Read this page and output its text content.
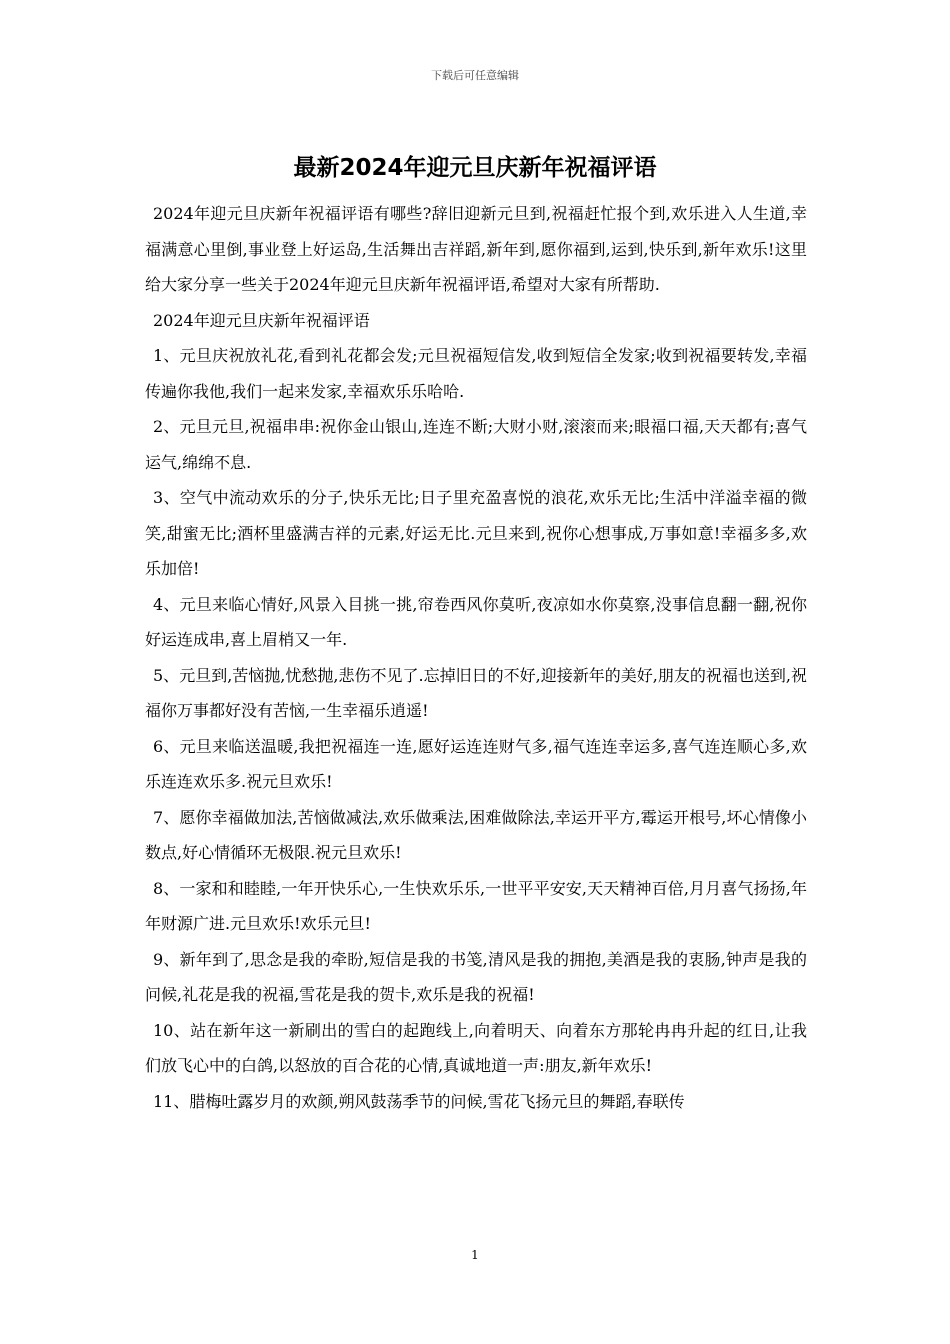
下载后可任意编辑
最新2024年迎元旦庆新年祝福评语

2024年迎元旦庆新年祝福评语有哪些?辞旧迎新元旦到,祝福赶忙报个到,欢乐进入人生道,幸福满意心里倒,事业登上好运岛,生活舞出吉祥蹈,新年到,愿你福到,运到,快乐到,新年欢乐!这里给大家分享一些关于2024年迎元旦庆新年祝福评语,希望对大家有所帮助.

2024年迎元旦庆新年祝福评语

1、元旦庆祝放礼花,看到礼花都会发;元旦祝福短信发,收到短信全发家;收到祝福要转发,幸福传遍你我他,我们一起来发家,幸福欢乐乐哈哈.

2、元旦元旦,祝福串串:祝你金山银山,连连不断;大财小财,滚滚而来;眼福口福,天天都有;喜气运气,绵绵不息.

3、空气中流动欢乐的分子,快乐无比;日子里充盈喜悦的浪花,欢乐无比;生活中洋溢幸福的微笑,甜蜜无比;酒杯里盛满吉祥的元素,好运无比.元旦来到,祝你心想事成,万事如意!幸福多多,欢乐加倍!

4、元旦来临心情好,风景入目挑一挑,帘卷西风你莫听,夜凉如水你莫察,没事信息翻一翻,祝你好运连成串,喜上眉梢又一年.

5、元旦到,苦恼抛,忧愁抛,悲伤不见了.忘掉旧日的不好,迎接新年的美好,朋友的祝福也送到,祝福你万事都好没有苦恼,一生幸福乐逍遥!

6、元旦来临送温暖,我把祝福连一连,愿好运连连财气多,福气连连幸运多,喜气连连顺心多,欢乐连连欢乐多.祝元旦欢乐!

7、愿你幸福做加法,苦恼做减法,欢乐做乘法,困难做除法,幸运开平方,霉运开根号,坏心情像小数点,好心情循环无极限.祝元旦欢乐!

8、一家和和睦睦,一年开快乐心,一生快欢乐乐,一世平平安安,天天精神百倍,月月喜气扬扬,年年财源广进.元旦欢乐!欢乐元旦!

9、新年到了,思念是我的牵盼,短信是我的书笺,清风是我的拥抱,美酒是我的衷肠,钟声是我的问候,礼花是我的祝福,雪花是我的贺卡,欢乐是我的祝福!

10、站在新年这一新刷出的雪白的起跑线上,向着明天、向着东方那轮冉冉升起的红日,让我们放飞心中的白鸽,以怒放的百合花的心情,真诚地道一声:朋友,新年欢乐!

11、腊梅吐露岁月的欢颜,朔风鼓荡季节的问候,雪花飞扬元旦的舞蹈,春联传

1
